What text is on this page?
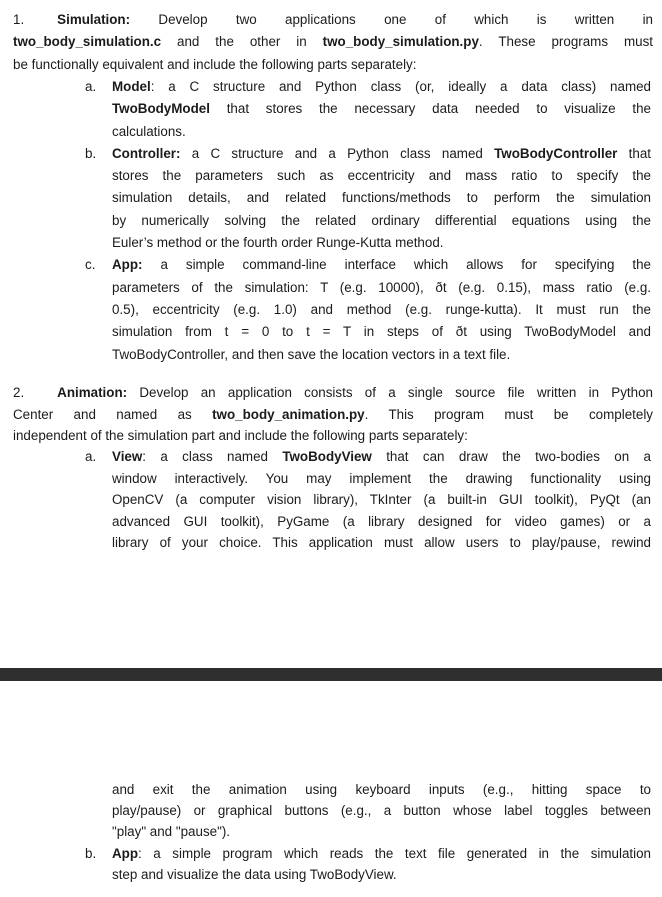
1. Simulation: Develop two applications one of which is written in
two_body_simulation.c and the other in two_body_simulation.py. These programs must
be functionally equivalent and include the following parts separately:
a. Model: a C structure and Python class (or, ideally a data class) named
TwoBodyModel that stores the necessary data needed to visualize the
calculations.
b. Controller: a C structure and a Python class named TwoBodyController that
stores the parameters such as eccentricity and mass ratio to specify the
simulation details, and related functions/methods to perform the simulation
by numerically solving the related ordinary differential equations using the
Euler’s method or the fourth order Runge-Kutta method.
c. App: a simple command-line interface which allows for specifying the
parameters of the simulation: T (e.g. 10000), ðt (e.g. 0.15), mass ratio (e.g.
0.5), eccentricity (e.g. 1.0) and method (e.g. runge-kutta). It must run the
simulation from t = 0 to t = T in steps of ðt using TwoBodyModel and
TwoBodyController, and then save the location vectors in a text file.
2. Animation: Develop an application consists of a single source file written in Python
Center and named as two_body_animation.py. This program must be completely
independent of the simulation part and include the following parts separately:
a. View: a class named TwoBodyView that can draw the two-bodies on a
window interactively. You may implement the drawing functionality using
OpenCV (a computer vision library), TkInter (a built-in GUI toolkit), PyQt (an
advanced GUI toolkit), PyGame (a library designed for video games) or a
library of your choice. This application must allow users to play/pause, rewind
and exit the animation using keyboard inputs (e.g., hitting space to
play/pause) or graphical buttons (e.g., a button whose label toggles between
"play" and "pause").
b. App: a simple program which reads the text file generated in the simulation
step and visualize the data using TwoBodyView.
